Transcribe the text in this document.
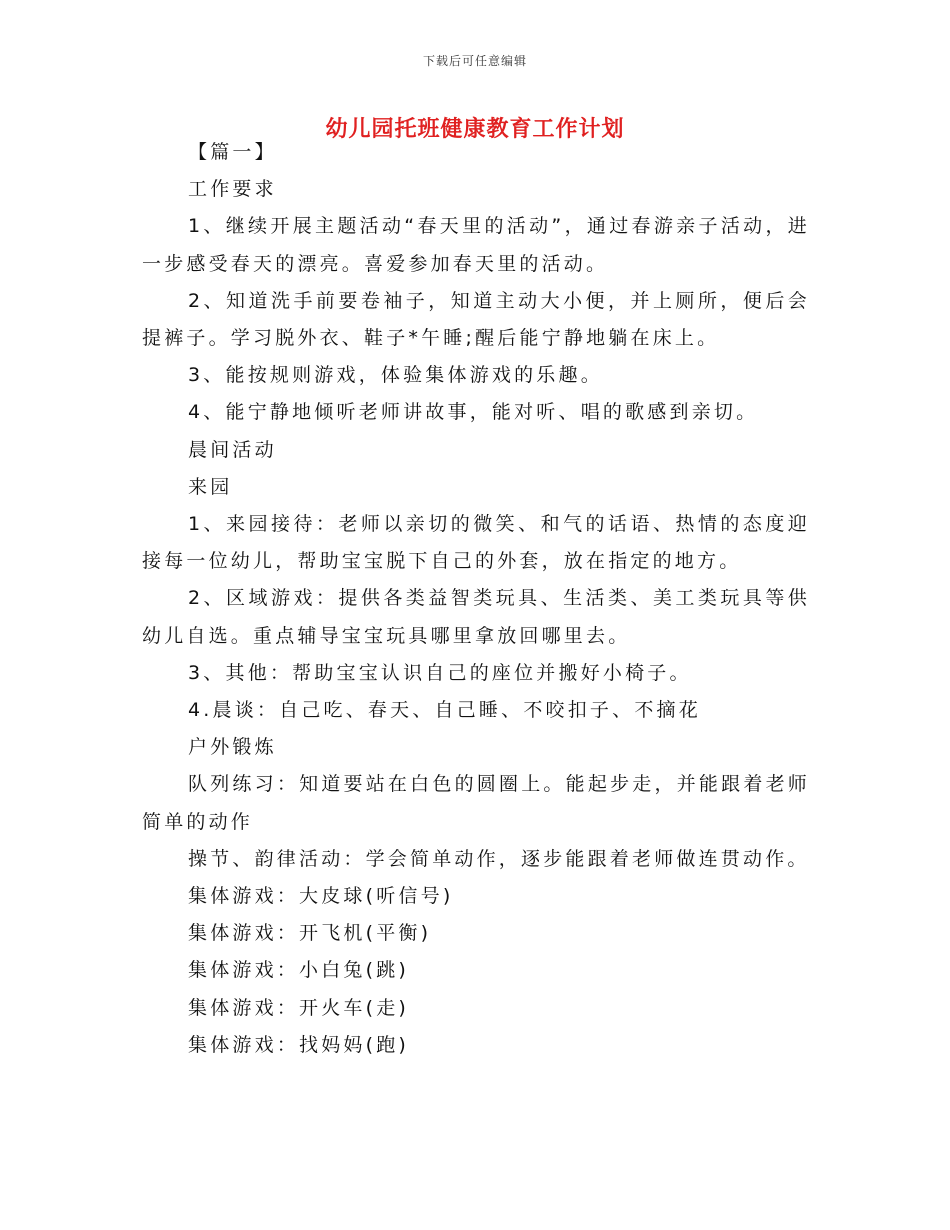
下载后可任意编辑
幼儿园托班健康教育工作计划

【篇一】

工作要求

1、继续开展主题活动“春天里的活动”，通过春游亲子活动，进一步感受春天的漂亮。喜爱参加春天里的活动。

2、知道洗手前要卷袖子，知道主动大小便，并上厕所，便后会提裤子。学习脱外衣、鞋子*午睡;醒后能宁静地躺在床上。

3、能按规则游戏，体验集体游戏的乐趣。

4、能宁静地倾听老师讲故事，能对听、唱的歌感到亲切。

晨间活动

来园

1、来园接待：老师以亲切的微笑、和气的话语、热情的态度迎接每一位幼儿，帮助宝宝脱下自己的外套，放在指定的地方。

2、区域游戏：提供各类益智类玩具、生活类、美工类玩具等供幼儿自选。重点辅导宝宝玩具哪里拿放回哪里去。

3、其他：帮助宝宝认识自己的座位并搬好小椅子。

4.晨谈：自己吃、春天、自己睡、不咬扣子、不摘花

户外锻炼

队列练习：知道要站在白色的圆圈上。能起步走，并能跟着老师简单的动作

操节、韵律活动：学会简单动作，逐步能跟着老师做连贯动作。

集体游戏：大皮球(听信号)

集体游戏：开飞机(平衡)

集体游戏：小白兔(跳)

集体游戏：开火车(走)

集体游戏：找妈妈(跑)
